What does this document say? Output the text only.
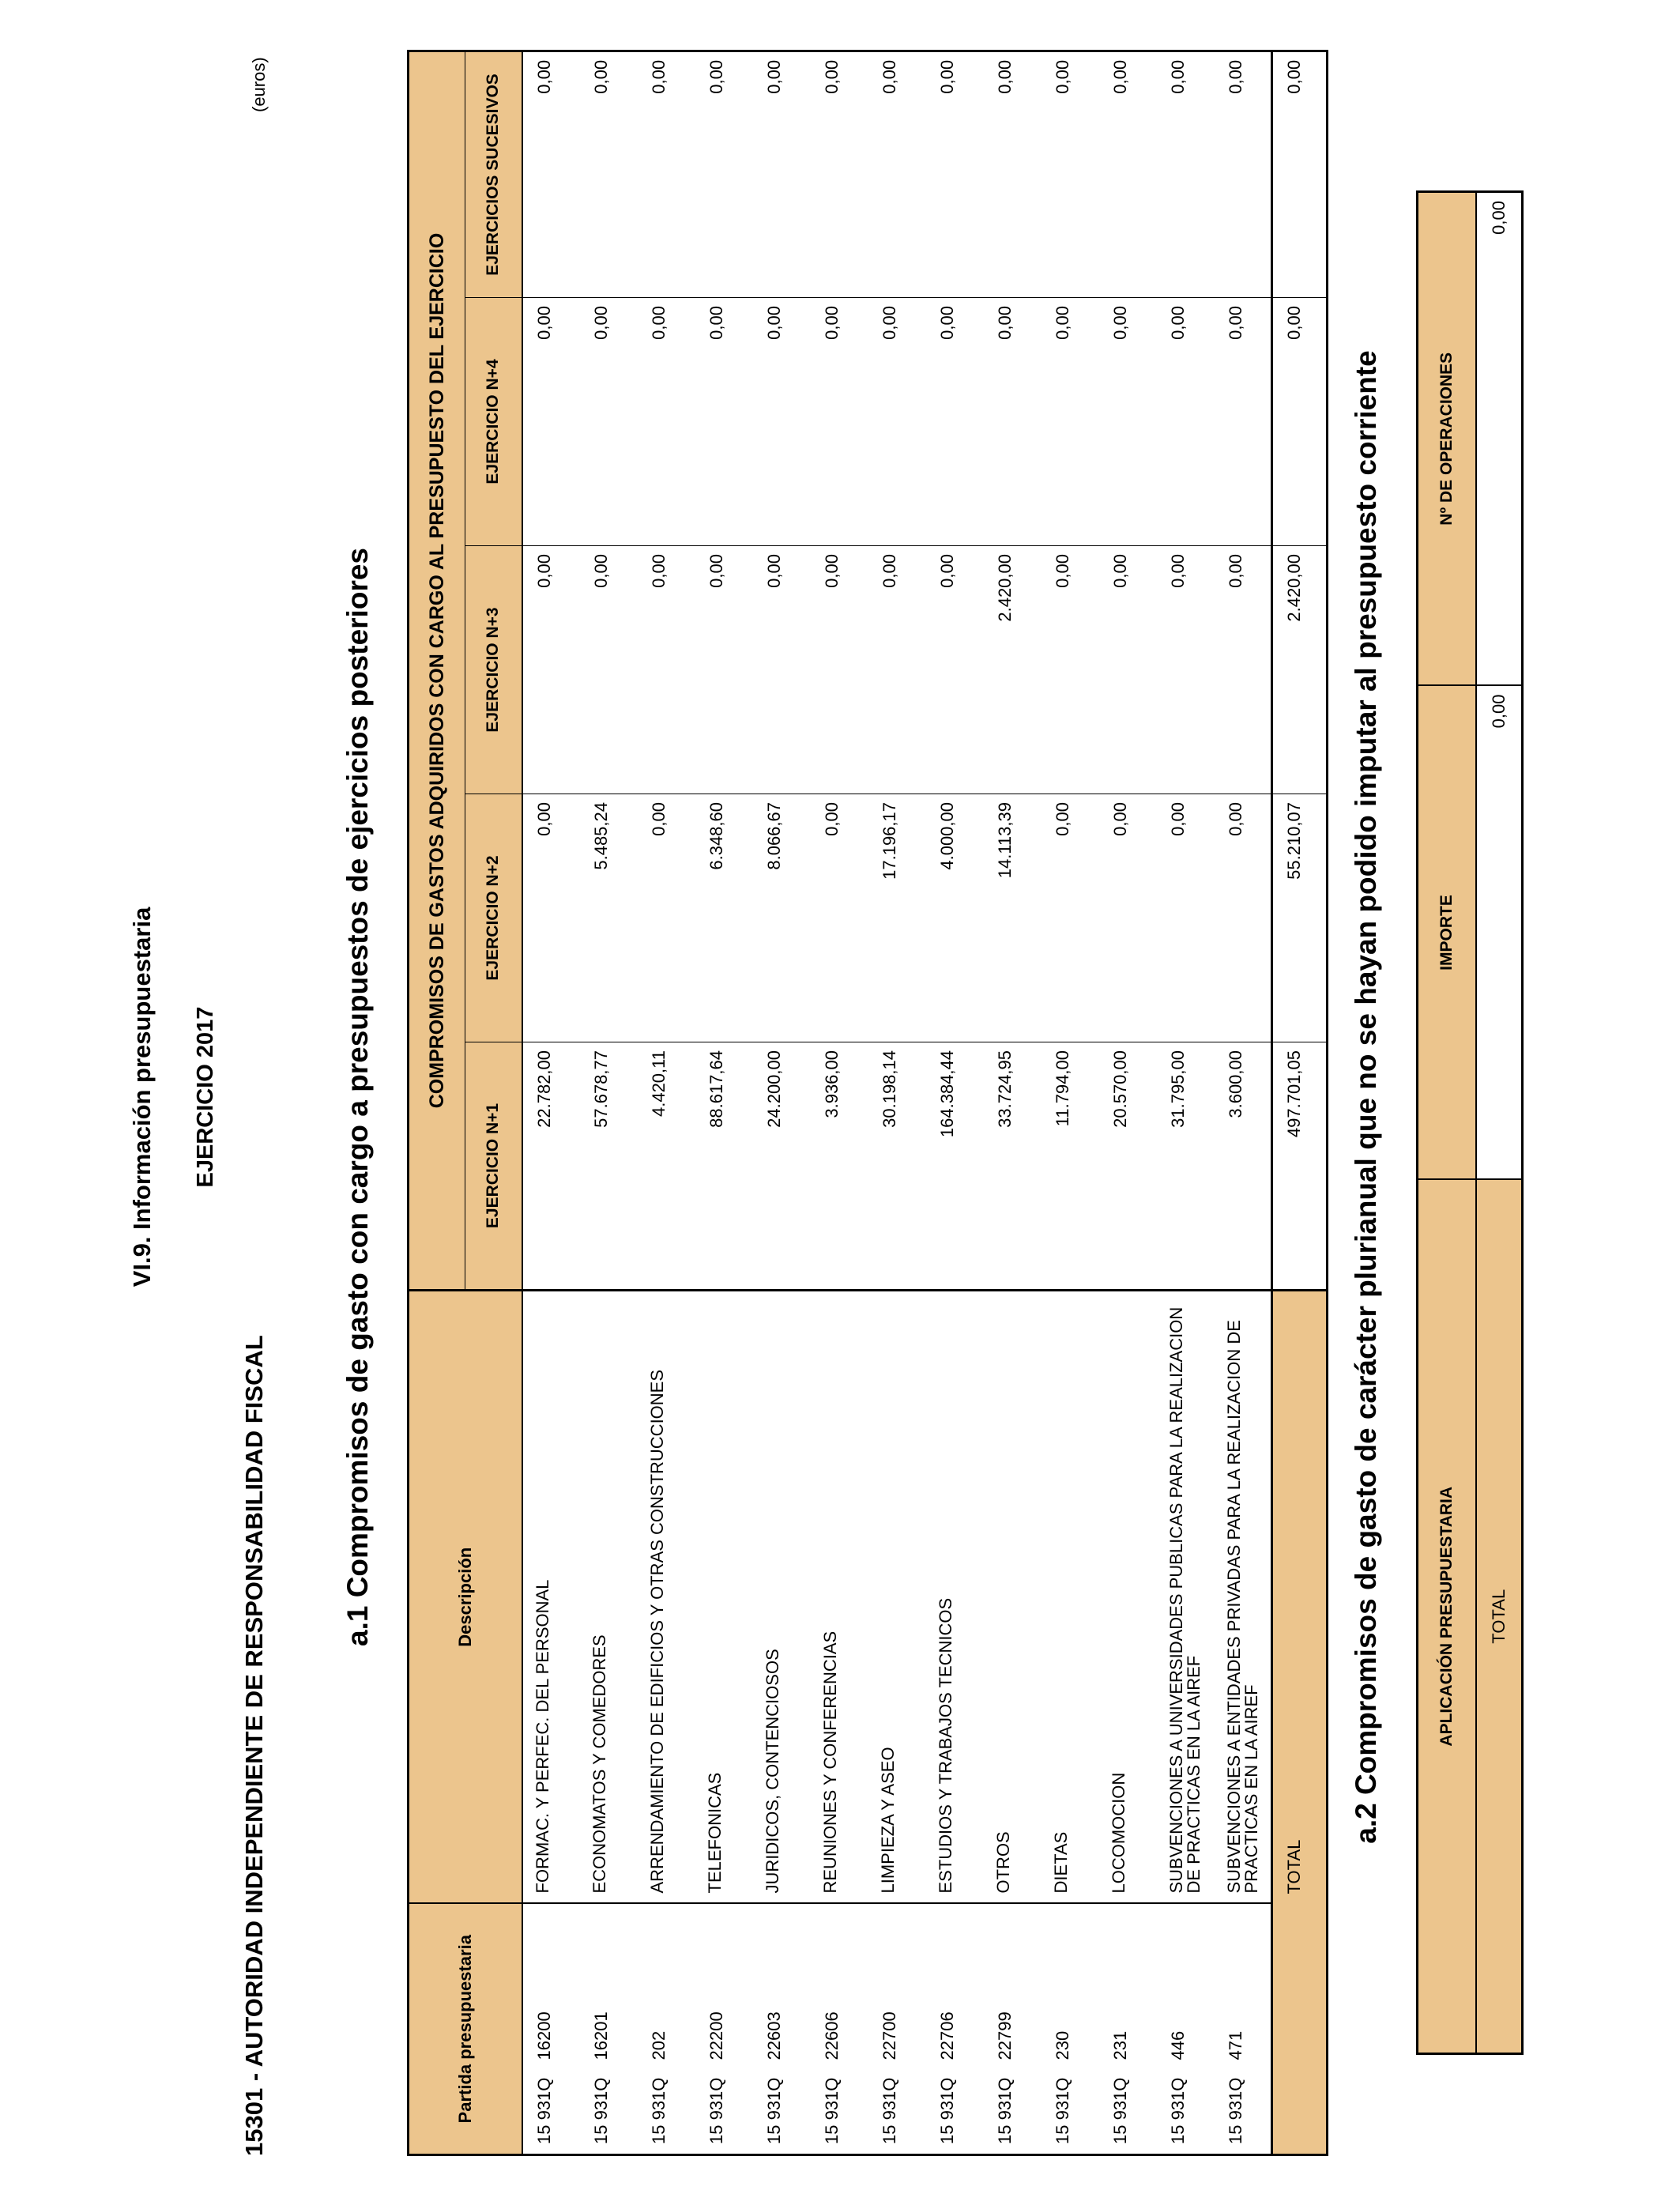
VI.9. Información presupuestaria EJERCICIO 2017
15301 - AUTORIDAD INDEPENDIENTE DE RESPONSABILIDAD FISCAL
(euros)
a.1 Compromisos de gasto con cargo a presupuestos de ejercicios posteriores
Partida presupuestaria		Descripción	COMPROMISOS DE GASTOS ADQUIRIDOS CON CARGO AL PRESUPUESTO DEL EJERCICIO				
			EJERCICIO N+1	EJERCICIO N+2	EJERCICIO N+3	EJERCICIO N+4	EJERCICIOS SUCESIVOS
15 931Q	16200	FORMAC. Y PERFEC. DEL PERSONAL	22.782,00	0,00	0,00	0,00	0,00
15 931Q	16201	ECONOMATOS Y COMEDORES	57.678,77	5.485,24	0,00	0,00	0,00
15 931Q	202	ARRENDAMIENTO DE EDIFICIOS Y OTRAS CONSTRUCCIONES	4.420,11	0,00	0,00	0,00	0,00
15 931Q	22200	TELEFONICAS	88.617,64	6.348,60	0,00	0,00	0,00
15 931Q	22603	JURIDICOS, CONTENCIOSOS	24.200,00	8.066,67	0,00	0,00	0,00
15 931Q	22606	REUNIONES Y CONFERENCIAS	3.936,00	0,00	0,00	0,00	0,00
15 931Q	22700	LIMPIEZA Y ASEO	30.198,14	17.196,17	0,00	0,00	0,00
15 931Q	22706	ESTUDIOS Y TRABAJOS TECNICOS	164.384,44	4.000,00	0,00	0,00	0,00
15 931Q	22799	OTROS	33.724,95	14.113,39	2.420,00	0,00	0,00
15 931Q	230	DIETAS	11.794,00	0,00	0,00	0,00	0,00
15 931Q	231	LOCOMOCION	20.570,00	0,00	0,00	0,00	0,00
15 931Q	446	SUBVENCIONES A UNIVERSIDADES PUBLICAS PARA LA REALIZACION DE PRACTICAS EN LA AIREF	31.795,00	0,00	0,00	0,00	0,00
15 931Q	471	SUBVENCIONES A ENTIDADES PRIVADAS PARA LA REALIZACION DE PRACTICAS EN LA AIREF	3.600,00	0,00	0,00	0,00	0,00
		TOTAL	497.701,05	55.210,07	2.420,00	0,00	0,00
a.2 Compromisos de gasto de carácter plurianual que no se hayan podido imputar al presupuesto corriente	APLICACIÓN PRESUPUESTARIA	IMPORTE	Nº DE OPERACIONES
TOTAL	0,00	0,00
